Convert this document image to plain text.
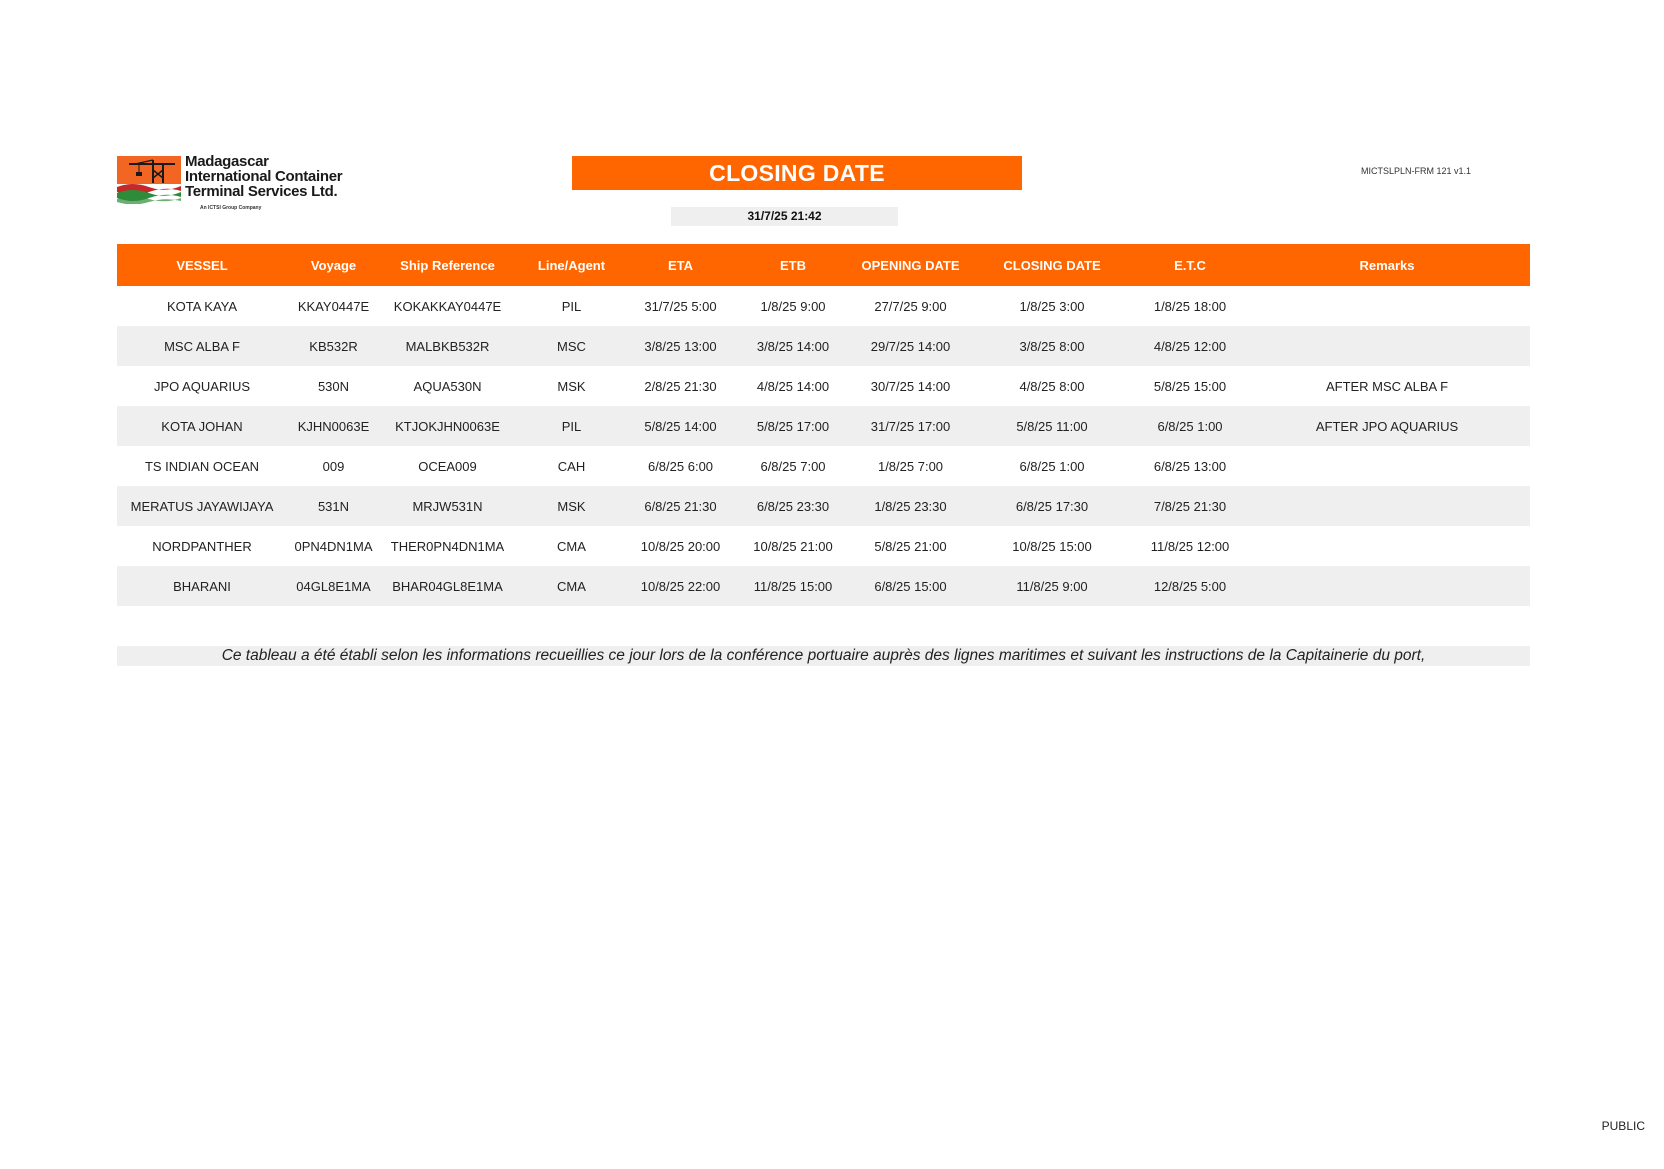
Madagascar
International Container
Terminal Services Ltd.
An ICTSI Group Company
CLOSING DATE	MICTSLPLN-FRM 121 v1.1
31/7/25 21:42
VESSEL	Voyage	Ship Reference	Line/Agent	ETA	ETB	OPENING DATE	CLOSING DATE	E.T.C	Remarks
KOTA KAYA	KKAY0447E	KOKAKKAY0447E	PIL	31/7/25 5:00	1/8/25 9:00	27/7/25 9:00	1/8/25 3:00	1/8/25 18:00	
MSC ALBA F	KB532R	MALBKB532R	MSC	3/8/25 13:00	3/8/25 14:00	29/7/25 14:00	3/8/25 8:00	4/8/25 12:00	
JPO AQUARIUS	530N	AQUA530N	MSK	2/8/25 21:30	4/8/25 14:00	30/7/25 14:00	4/8/25 8:00	5/8/25 15:00	AFTER MSC ALBA F
KOTA JOHAN	KJHN0063E	KTJOKJHN0063E	PIL	5/8/25 14:00	5/8/25 17:00	31/7/25 17:00	5/8/25 11:00	6/8/25 1:00	AFTER JPO AQUARIUS
TS INDIAN OCEAN	009	OCEA009	CAH	6/8/25 6:00	6/8/25 7:00	1/8/25 7:00	6/8/25 1:00	6/8/25 13:00	
MERATUS JAYAWIJAYA	531N	MRJW531N	MSK	6/8/25 21:30	6/8/25 23:30	1/8/25 23:30	6/8/25 17:30	7/8/25 21:30	
NORDPANTHER	0PN4DN1MA	THER0PN4DN1MA	CMA	10/8/25 20:00	10/8/25 21:00	5/8/25 21:00	10/8/25 15:00	11/8/25 12:00	
BHARANI	04GL8E1MA	BHAR04GL8E1MA	CMA	10/8/25 22:00	11/8/25 15:00	6/8/25 15:00	11/8/25 9:00	12/8/25 5:00	
Ce tableau a été établi selon les informations recueillies ce jour lors de la conférence portuaire auprès des lignes maritimes et suivant les instructions de la Capitainerie du port,
PUBLIC
